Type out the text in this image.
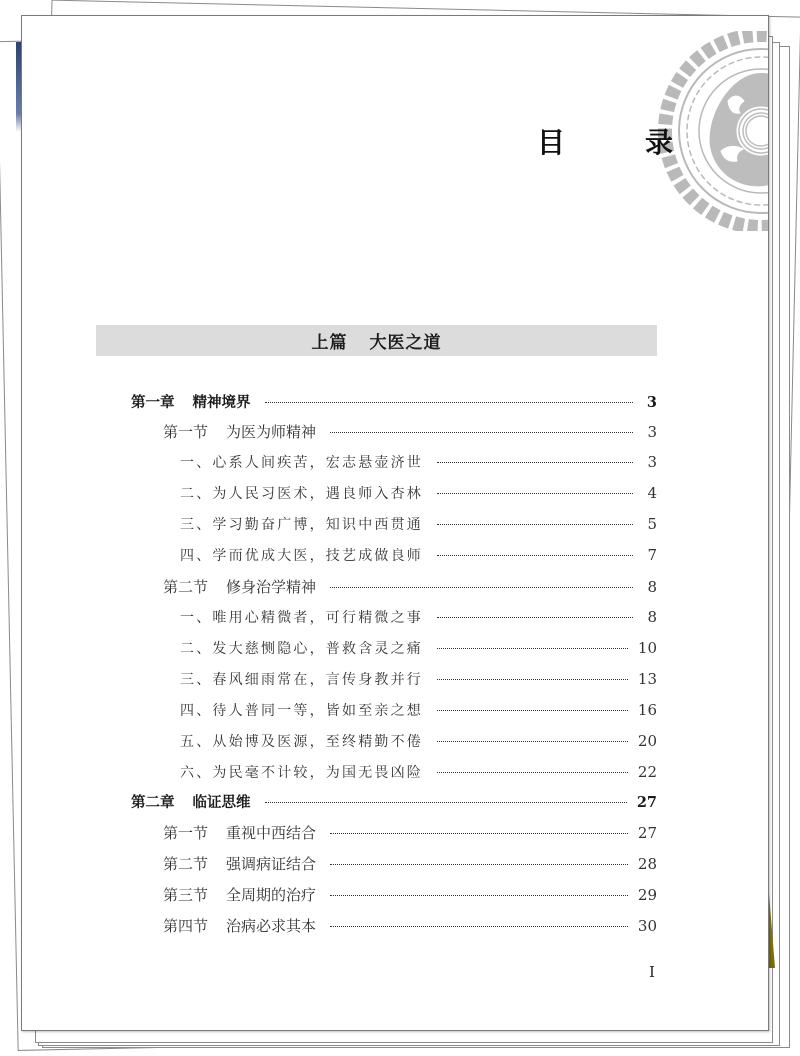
目　录
上篇 大医之道
第一章 精神境界	3
第一节 为医为师精神	3
一、心系人间疾苦，宏志悬壶济世	3
二、为人民习医术，遇良师入杏林	4
三、学习勤奋广博，知识中西贯通	5
四、学而优成大医，技艺成做良师	7
第二节 修身治学精神	8
一、唯用心精微者，可行精微之事	8
二、发大慈恻隐心，普救含灵之痛	10
三、春风细雨常在，言传身教并行	13
四、待人普同一等，皆如至亲之想	16
五、从始博及医源，至终精勤不倦	20
六、为民毫不计较，为国无畏凶险	22
第二章 临证思维	27
第一节 重视中西结合	27
第二节 强调病证结合	28
第三节 全周期的治疗	29
第四节 治病必求其本	30
I
